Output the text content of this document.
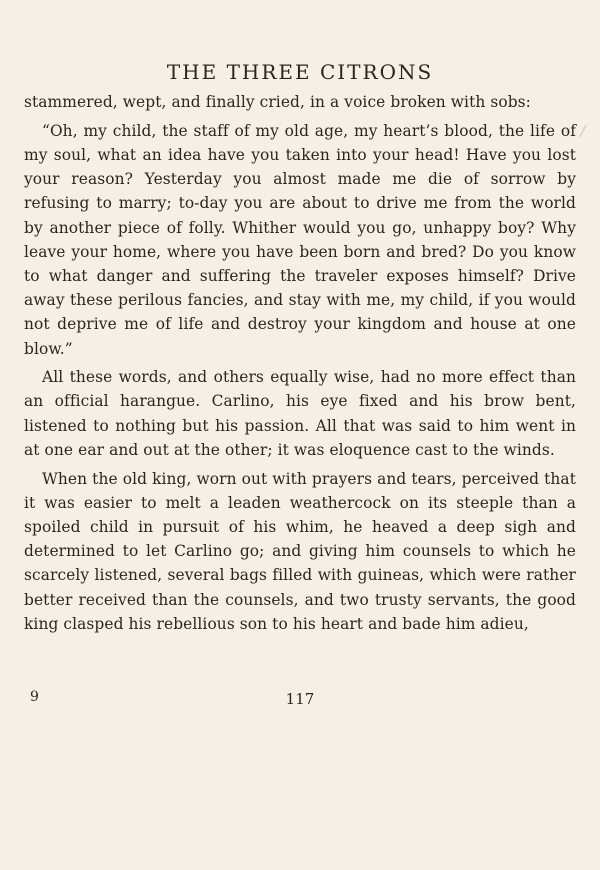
THE THREE CITRONS

stammered, wept, and finally cried, in a voice broken with sobs:

“Oh, my child, the staff of my old age, my heart’s blood, the life of my soul, what an idea have you taken into your head! Have you lost your reason? Yesterday you almost made me die of sorrow by refusing to marry; to-day you are about to drive me from the world by another piece of folly. Whither would you go, unhappy boy? Why leave your home, where you have been born and bred? Do you know to what danger and suffering the traveler exposes himself? Drive away these perilous fancies, and stay with me, my child, if you would not deprive me of life and destroy your kingdom and house at one blow.”

All these words, and others equally wise, had no more effect than an official harangue. Carlino, his eye fixed and his brow bent, listened to nothing but his passion. All that was said to him went in at one ear and out at the other; it was eloquence cast to the winds.

When the old king, worn out with prayers and tears, perceived that it was easier to melt a leaden weathercock on its steeple than a spoiled child in pursuit of his whim, he heaved a deep sigh and determined to let Carlino go; and giving him counsels to which he scarcely listened, several bags filled with guineas, which were rather better received than the counsels, and two trusty servants, the good king clasped his rebellious son to his heart and bade him adieu,

9	117
